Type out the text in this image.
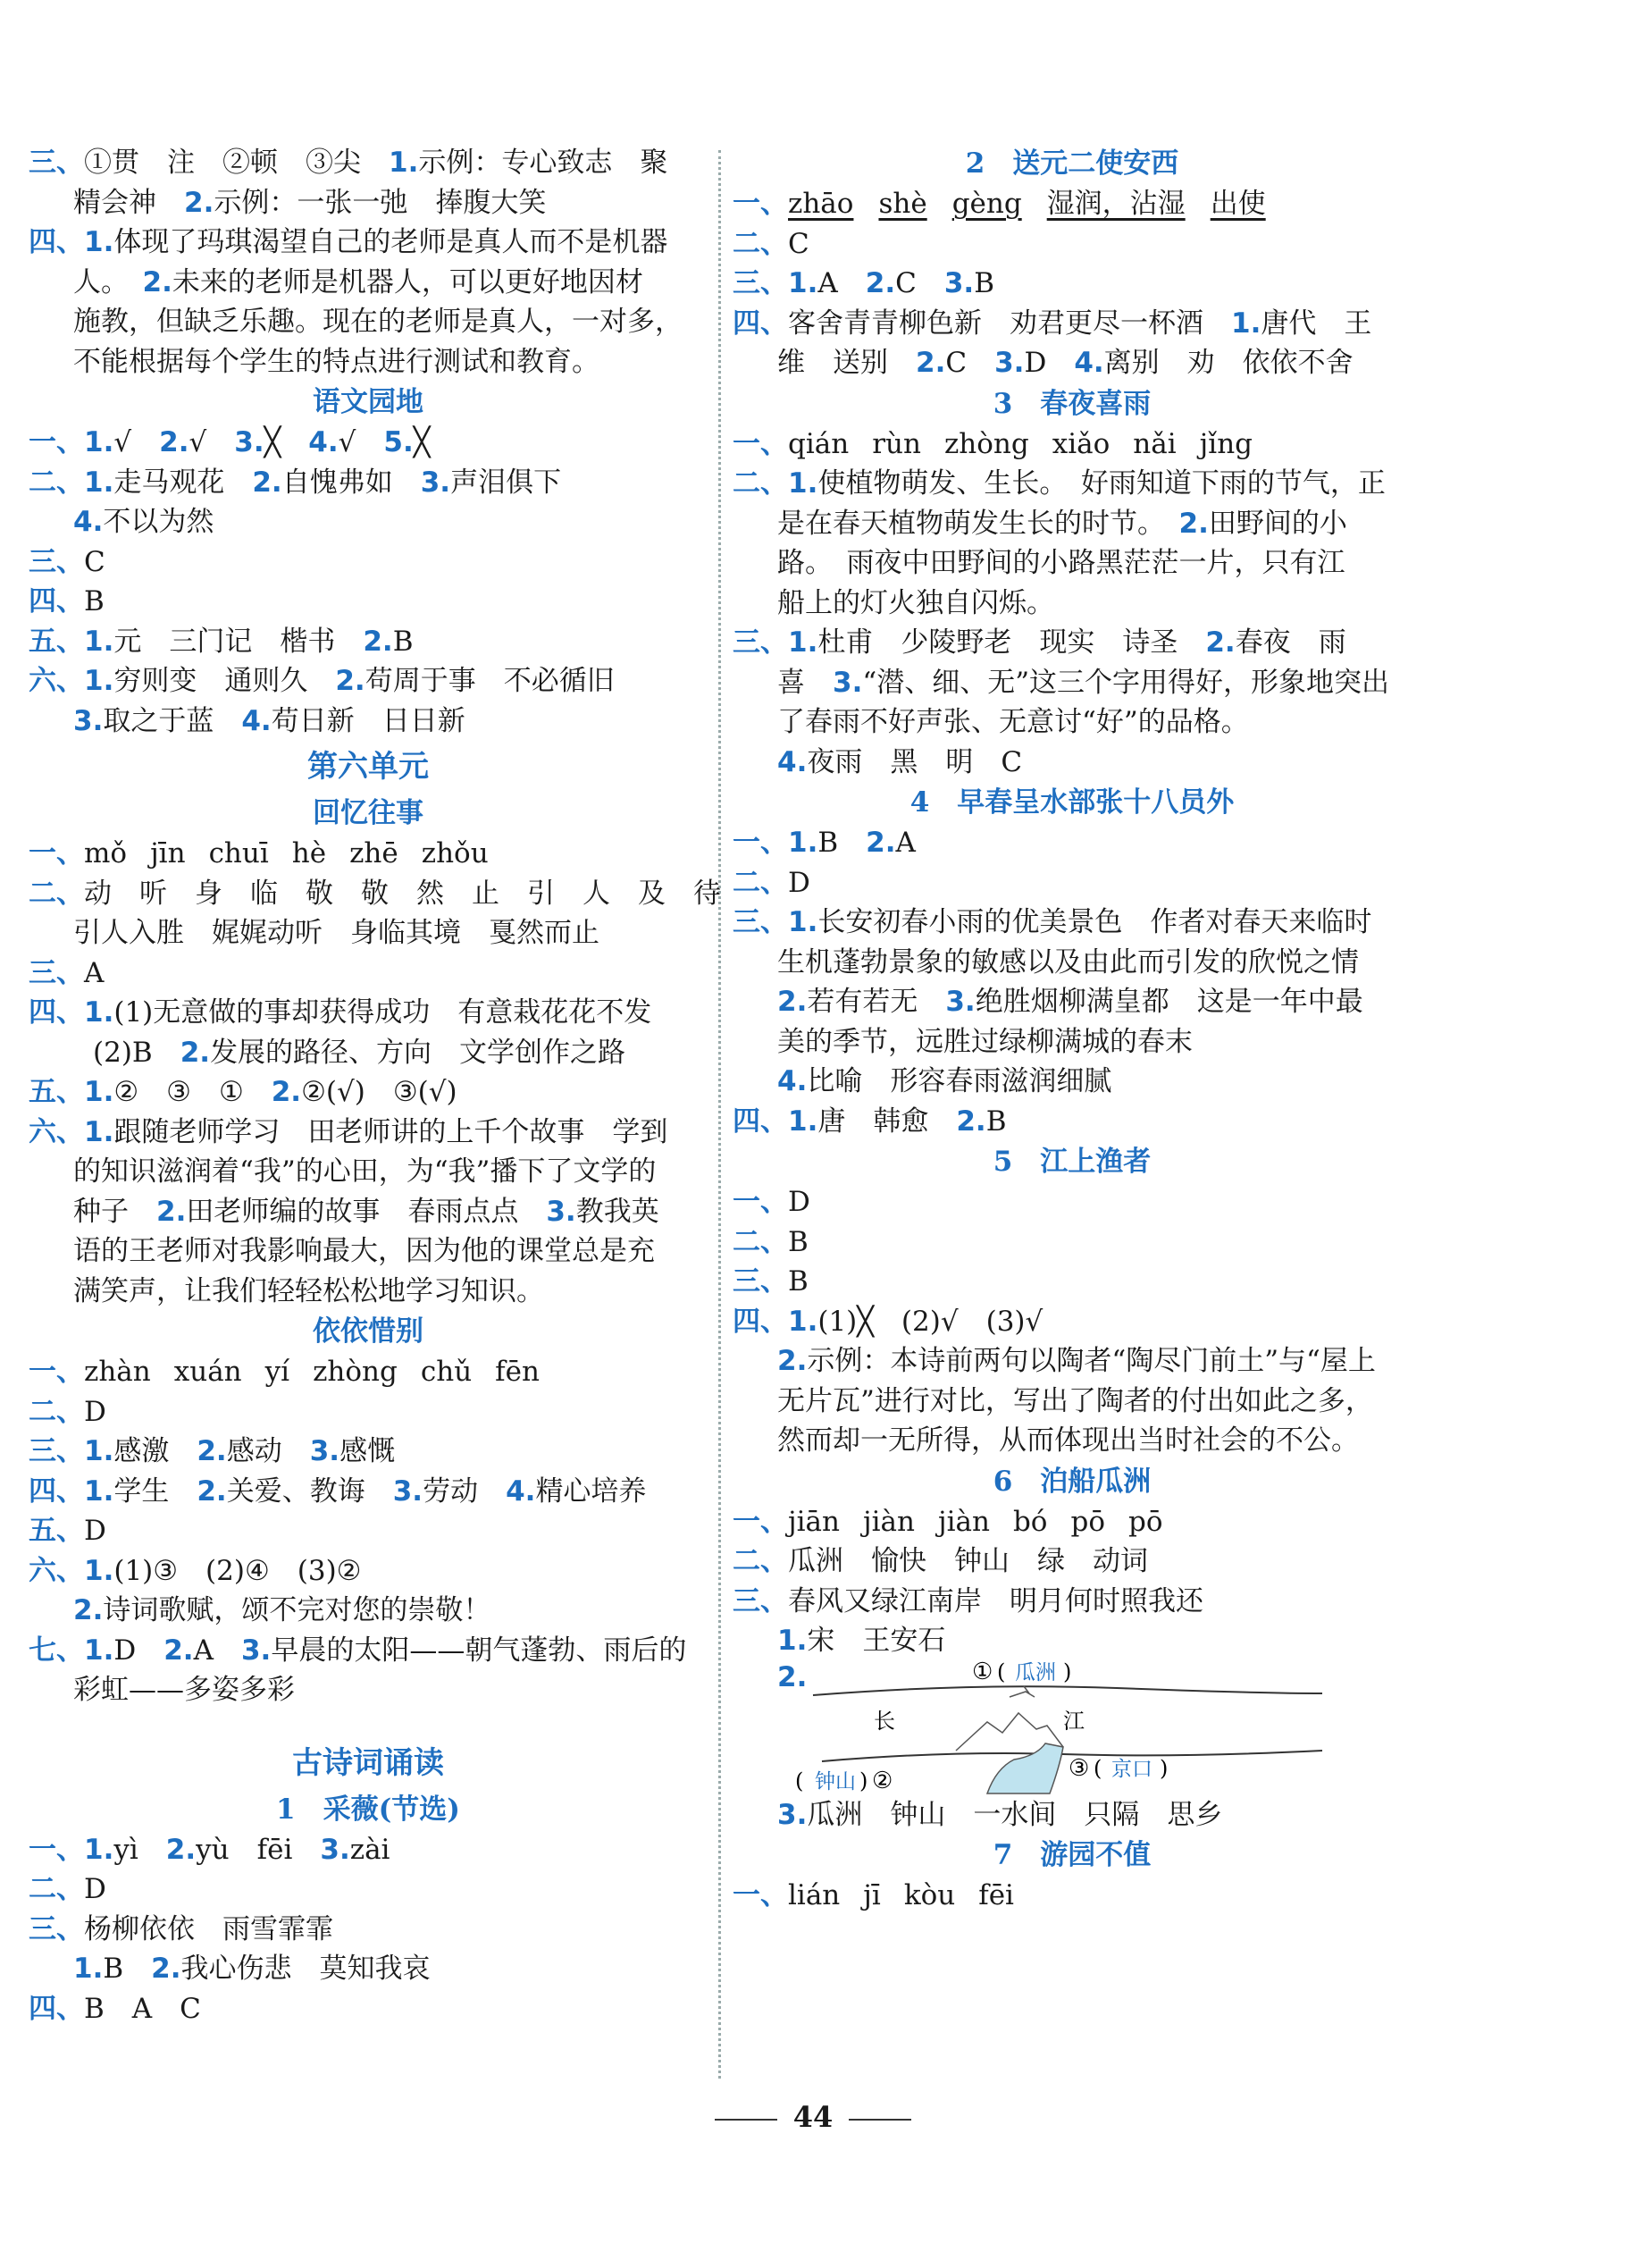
三、①贯　注　②顿　③尖　1.示例：专心致志　聚
精会神　2.示例：一张一弛　捧腹大笑
四、1.体现了玛琪渴望自己的老师是真人而不是机器
人。　2.未来的老师是机器人，可以更好地因材
施教，但缺乏乐趣。现在的老师是真人，一对多，
不能根据每个学生的特点进行测试和教育。
语文园地
一、1.√　2.√　3.╳　4.√　5.╳
二、1.走马观花　2.自愧弗如　3.声泪俱下
4.不以为然
三、C
四、B
五、1.元　三门记　楷书　2.B
六、1.穷则变　通则久　2.苟周于事　不必循旧
3.取之于蓝　4.苟日新　日日新
第六单元
回忆往事
一、mǒ jīn chuī hè zhē zhǒu
二、动　听　身　临　敬　敬　然　止　引　人　及　待
引人入胜　娓娓动听　身临其境　戛然而止
三、A
四、1.(1)无意做的事却获得成功　有意栽花花不发
(2)B　2.发展的路径、方向　文学创作之路
五、1.②　③　①　2.②(√)　③(√)
六、1.跟随老师学习　田老师讲的上千个故事　学到
的知识滋润着“我”的心田，为“我”播下了文学的
种子　2.田老师编的故事　春雨点点　3.教我英
语的王老师对我影响最大，因为他的课堂总是充
满笑声，让我们轻轻松松地学习知识。
依依惜别
一、zhàn xuán yí zhòng chǔ fēn
二、D
三、1.感激　2.感动　3.感慨
四、1.学生　2.关爱、教诲　3.劳动　4.精心培养
五、D
六、1.(1)③　(2)④　(3)②
2.诗词歌赋，颂不完对您的崇敬！
七、1.D　2.A　3.早晨的太阳——朝气蓬勃、雨后的
彩虹——多姿多彩
古诗词诵读
1　采薇(节选)
一、1.yì　2.yù　fēi　3.zài
二、D
三、杨柳依依　雨雪霏霏
1.B　2.我心伤悲　莫知我哀
四、B　A　C
2　送元二使安西
一、zhāo shè gèng 湿润，沾湿 出使
二、C
三、1.A　2.C　3.B
四、客舍青青柳色新　劝君更尽一杯酒　1.唐代　王
维　送别　2.C　3.D　4.离别　劝　依依不舍
3　春夜喜雨
一、qián rùn zhòng xiǎo nǎi jǐng
二、1.使植物萌发、生长。　好雨知道下雨的节气，正
是在春天植物萌发生长的时节。　2.田野间的小
路。　雨夜中田野间的小路黑茫茫一片，只有江
船上的灯火独自闪烁。
三、1.杜甫　少陵野老　现实　诗圣　2.春夜　雨
喜　3.“潜、细、无”这三个字用得好，形象地突出
了春雨不好声张、无意讨“好”的品格。
4.夜雨　黑　明　C
4　早春呈水部张十八员外
一、1.B　2.A
二、D
三、1.长安初春小雨的优美景色　作者对春天来临时
生机蓬勃景象的敏感以及由此而引发的欣悦之情
2.若有若无　3.绝胜烟柳满皇都　这是一年中最
美的季节，远胜过绿柳满城的春末
4.比喻　形容春雨滋润细腻
四、1.唐　韩愈　2.B
5　江上渔者
一、D
二、B
三、B
四、1.(1)╳　(2)√　(3)√
2.示例：本诗前两句以陶者“陶尽门前土”与“屋上
无片瓦”进行对比，写出了陶者的付出如此之多，
然而却一无所得，从而体现出当时社会的不公。
6　泊船瓜洲
一、jiān jiàn jiàn bó pō pō
二、瓜洲　愉快　钟山　绿　动词
三、春风又绿江南岸　明月何时照我还
1.宋　王安石
2.
长	江
① ( 瓜洲 )
( 钟山 ) ②	③ ( 京口 )
3.瓜洲　钟山　一水间　只隔　思乡
7　游园不值
一、lián jī kòu fēi
44
